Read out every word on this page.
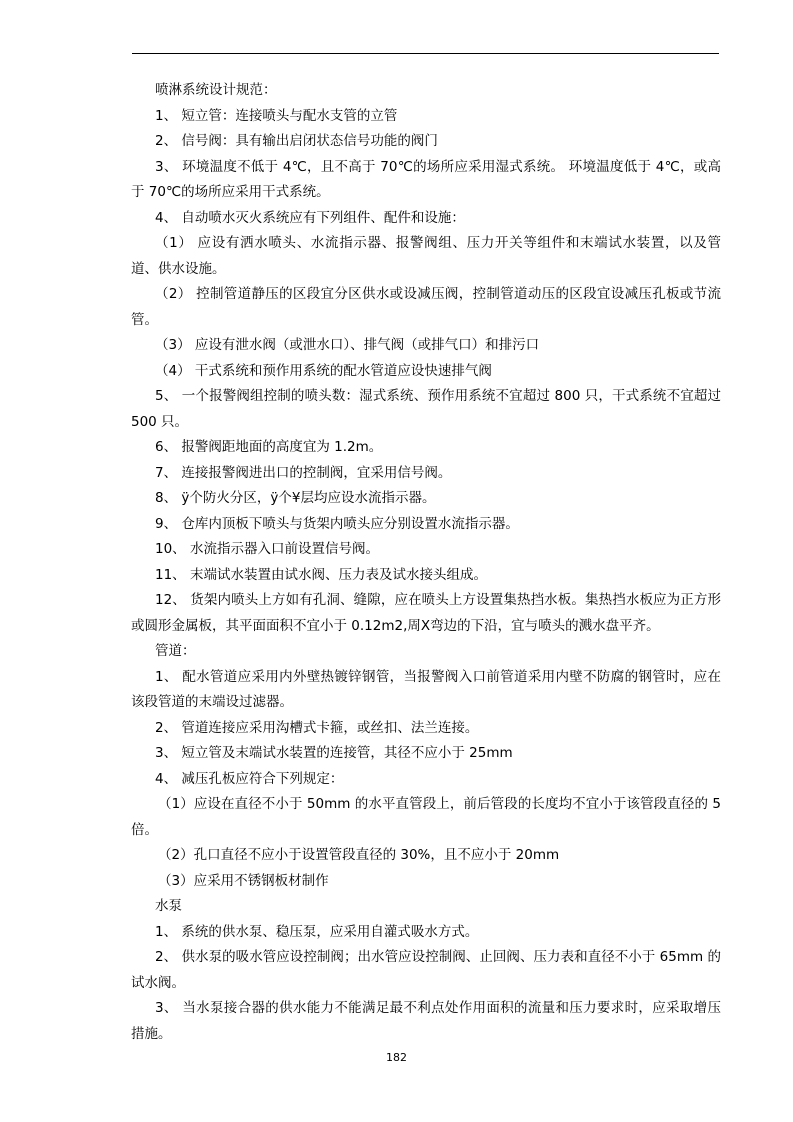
喷淋系统设计规范：

1、 短立管：连接喷头与配水支管的立管

2、 信号阀：具有输出启闭状态信号功能的阀门

3、 环境温度不低于 4℃，且不高于 70℃的场所应采用湿式系统。 环境温度低于 4℃，或高于 70℃的场所应采用干式系统。

4、 自动喷水灭火系统应有下列组件、配件和设施：

（1） 应设有洒水喷头、水流指示器、报警阀组、压力开关等组件和末端试水装置，以及管道、供水设施。

（2） 控制管道静压的区段宜分区供水或设减压阀，控制管道动压的区段宜设减压孔板或节流管。

（3） 应设有泄水阀（或泄水口）、排气阀（或排气口）和排污口

（4） 干式系统和预作用系统的配水管道应设快速排气阀

5、 一个报警阀组控制的喷头数：湿式系统、预作用系统不宜超过 800 只，干式系统不宜超过 500 只。

6、 报警阀距地面的高度宜为 1.2m。

7、 连接报警阀进出口的控制阀，宜采用信号阀。

8、 ÿ个防火分区，ÿ个¥层均应设水流指示器。

9、 仓库内顶板下喷头与货架内喷头应分别设置水流指示器。

10、 水流指示器入口前设置信号阀。

11、 末端试水装置由试水阀、压力表及试水接头组成。

12、 货架内喷头上方如有孔洞、缝隙，应在喷头上方设置集热挡水板。集热挡水板应为正方形或圆形金属板，其平面面积不宜小于 0.12m2,周X弯边的下沿，宜与喷头的溅水盘平齐。

管道：

1、 配水管道应采用内外壁热镀锌钢管，当报警阀入口前管道采用内壁不防腐的钢管时，应在该段管道的末端设过滤器。

2、 管道连接应采用沟槽式卡箍，或丝扣、法兰连接。

3、 短立管及末端试水装置的连接管，其径不应小于 25mm

4、 减压孔板应符合下列规定：

（1）应设在直径不小于 50mm 的水平直管段上，前后管段的长度均不宜小于该管段直径的 5 倍。

（2）孔口直径不应小于设置管段直径的 30%，且不应小于 20mm

（3）应采用不锈钢板材制作

水泵

1、 系统的供水泵、稳压泵，应采用自灌式吸水方式。

2、 供水泵的吸水管应设控制阀；出水管应设控制阀、止回阀、压力表和直径不小于 65mm 的试水阀。

3、 当水泵接合器的供水能力不能满足最不利点处作用面积的流量和压力要求时，应采取增压措施。

182
